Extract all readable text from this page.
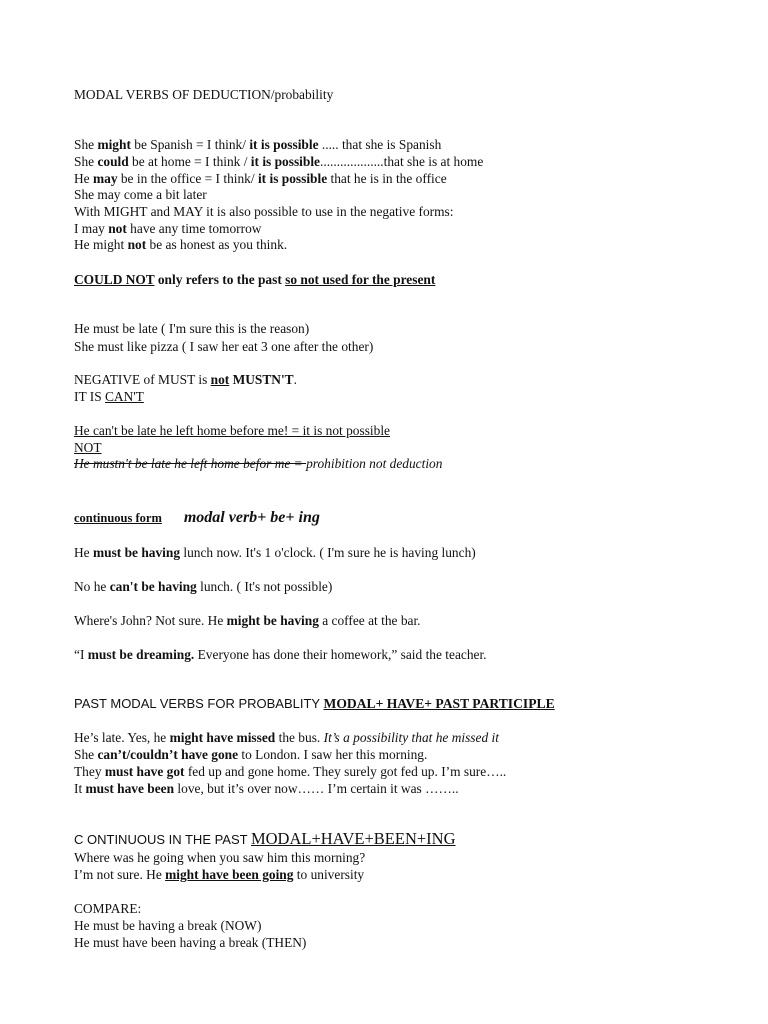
MODAL VERBS OF DEDUCTION/probability
She might be Spanish = I think/ it is possible ..... that she is Spanish
She could be at home = I think / it is possible...................that she is at home
He may be in the office = I think/ it is possible that he is in the office
She may come a bit later
With MIGHT and MAY it is also possible to use in the negative forms:
I may not have any time tomorrow
He might not be as honest as you think.
COULD NOT only refers to the past so not used for the present
He must be late ( I'm sure this is the reason)
She must like pizza ( I saw her eat 3 one after the other)
NEGATIVE of MUST is not MUSTN'T.
IT IS CAN'T
He can't be late he left home before me! = it is not possible
NOT
He mustn't be late he left home befor me = prohibition not deduction
continuous form modal verb+ be+ ing
He must be having lunch now. It's 1 o'clock. ( I'm sure he is having lunch)
No he can't be having lunch. ( It's not possible)
Where's John? Not sure. He might be having a coffee at the bar.
“I must be dreaming. Everyone has done their homework,” said the teacher.
PAST MODAL VERBS FOR PROBABLITY MODAL+ HAVE+ PAST PARTICIPLE
He’s late. Yes, he might have missed the bus. It’s a possibility that he missed it
She can’t/couldn’t have gone to London. I saw her this morning.
They must have got fed up and gone home. They surely got fed up. I’m sure…..
It must have been love, but it’s over now…… I’m certain it was ……..
C ONTINUOUS IN THE PAST MODAL+HAVE+BEEN+ING
Where was he going when you saw him this morning?
I’m not sure. He might have been going to university
COMPARE:
He must be having a break (NOW)
He must have been having a break (THEN)
